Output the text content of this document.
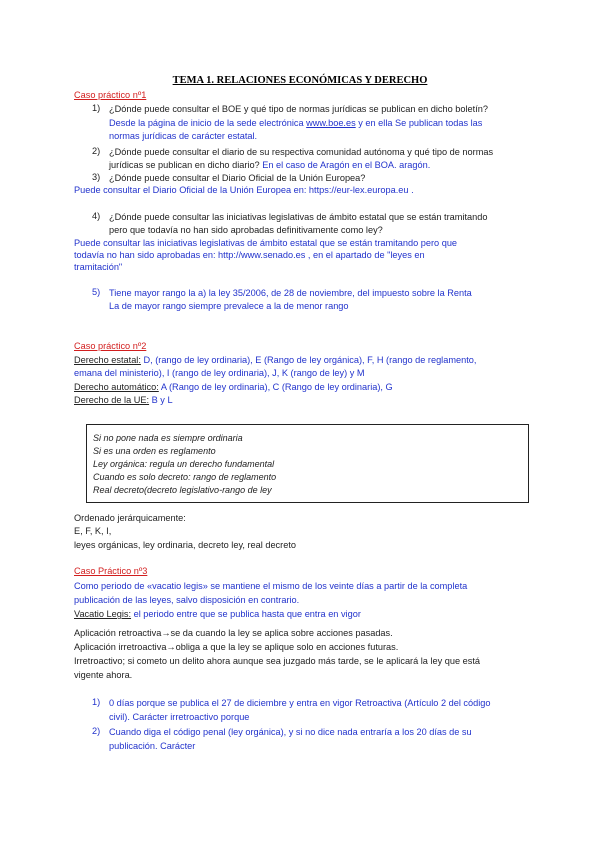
TEMA 1. RELACIONES ECONÓMICAS Y DERECHO
Caso práctico nº1
1) ¿Dónde puede consultar el BOE y qué tipo de normas jurídicas se publican en dicho boletín?
Desde la página de inicio de la sede electrónica www.boe.es y en ella Se publican todas las
normas jurídicas de carácter estatal.
2) ¿Dónde puede consultar el diario de su respectiva comunidad autónoma y qué tipo de normas
jurídicas se publican en dicho diario? En el caso de Aragón en el BOA. aragón.
3) ¿Dónde puede consultar el Diario Oficial de la Unión Europea?
Puede consultar el Diario Oficial de la Unión Europea en: https://eur-lex.europa.eu .
4) ¿Dónde puede consultar las iniciativas legislativas de ámbito estatal que se están tramitando
pero que todavía no han sido aprobadas definitivamente como ley?
Puede consultar las iniciativas legislativas de ámbito estatal que se están tramitando pero que
todavía no han sido aprobadas en: http://www.senado.es , en el apartado de "leyes en
tramitación"
5) Tiene mayor rango la a) la ley 35/2006, de 28 de noviembre, del impuesto sobre la Renta
La de mayor rango siempre prevalece a la de menor rango
Caso práctico nº2
Derecho estatal: D, (rango de ley ordinaria), E (Rango de ley orgánica), F, H (rango de reglamento,
emana del ministerio), I (rango de ley ordinaria), J, K (rango de ley) y M
Derecho automático: A (Rango de ley ordinaria), C (Rango de ley ordinaria), G
Derecho de la UE: B y L
Si no pone nada es siempre ordinaria
Si es una orden es reglamento
Ley orgánica: regula un derecho fundamental
Cuando es solo decreto: rango de reglamento
Real decreto(decreto legislativo-rango de ley
Ordenado jerárquicamente:
E, F, K, I,
leyes orgánicas, ley ordinaria, decreto ley, real decreto
Caso Práctico nº3
Como periodo de «vacatio legis» se mantiene el mismo de los veinte días a partir de la completa
publicación de las leyes, salvo disposición en contrario.
Vacatio Legis: el periodo entre que se publica hasta que entra en vigor
Aplicación retroactiva→se da cuando la ley se aplica sobre acciones pasadas.
Aplicación irretroactiva→obliga a que la ley se aplique solo en acciones futuras.
Irretroactivo; si cometo un delito ahora aunque sea juzgado más tarde, se le aplicará la ley que está
vigente ahora.
1) 0 días porque se publica el 27 de diciembre y entra en vigor Retroactiva (Artículo 2 del código
civil). Carácter irretroactivo porque
2) Cuando diga el código penal (ley orgánica), y si no dice nada entraría a los 20 días de su
publicación. Carácter
